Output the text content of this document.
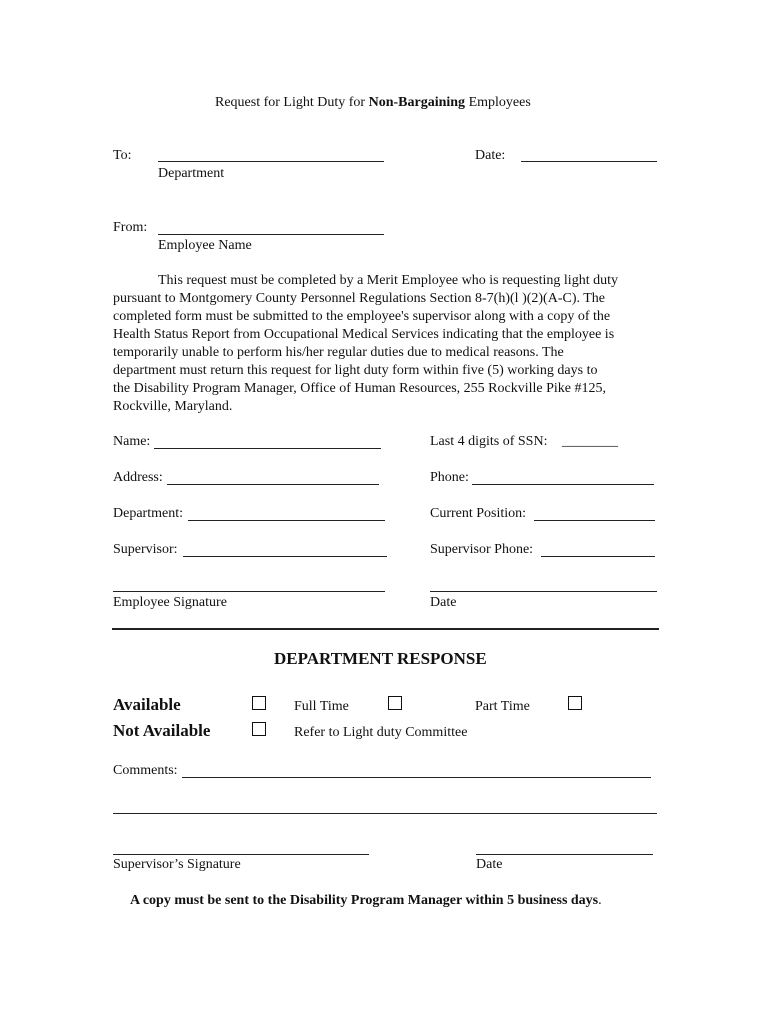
Request for Light Duty for Non-Bargaining Employees
To:
Department
Date:
From:
Employee Name
This request must be completed by a Merit Employee who is requesting light duty
pursuant to Montgomery County Personnel Regulations Section 8-7(h)(l )(2)(A-C). The
completed form must be submitted to the employee's supervisor along with a copy of the
Health Status Report from Occupational Medical Services indicating that the employee is
temporarily unable to perform his/her regular duties due to medical reasons. The
department must return this request for light duty form within five (5) working days to
the Disability Program Manager, Office of Human Resources, 255 Rockville Pike #125,
Rockville, Maryland.
Name:	Last 4 digits of SSN: ________
Address:	Phone:
Department:	Current Position:
Supervisor:	Supervisor Phone:
Employee Signature	Date
DEPARTMENT RESPONSE
Available	Full Time	Part Time
Not Available	Refer to Light duty Committee
Comments:
Supervisor’s Signature	Date
A copy must be sent to the Disability Program Manager within 5 business days.
